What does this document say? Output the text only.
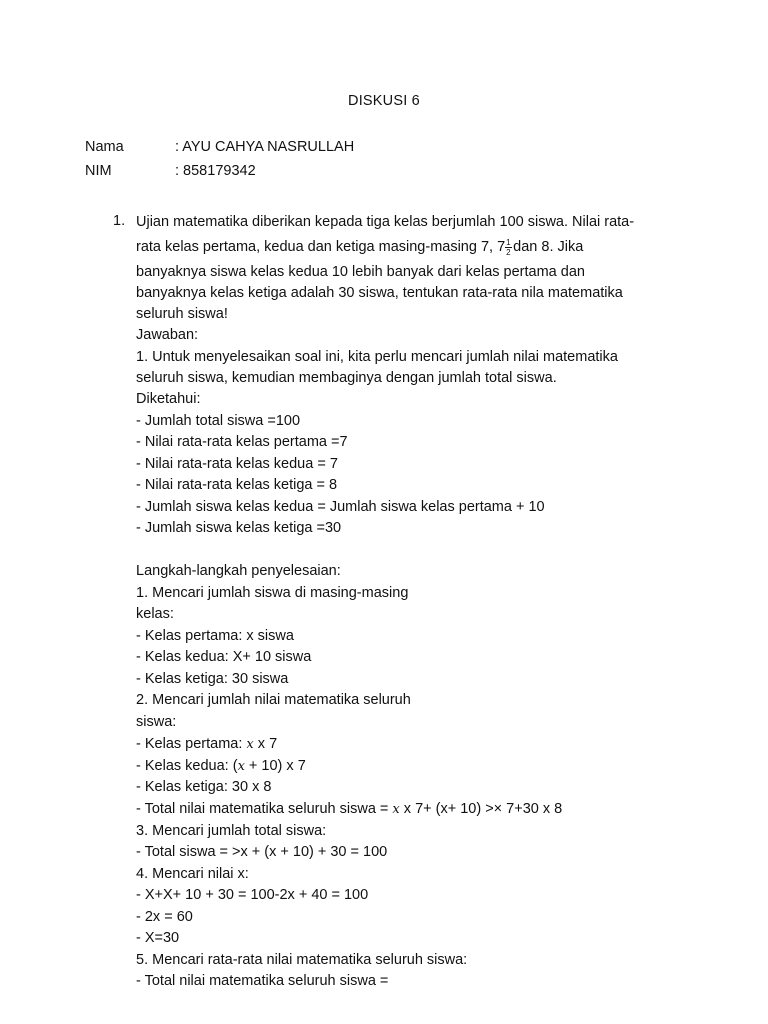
DISKUSI 6
Nama	: AYU CAHYA NASRULLAH
NIM	: 858179342
1. Ujian matematika diberikan kepada tiga kelas berjumlah 100 siswa. Nilai rata-
rata kelas pertama, kedua dan ketiga masing-masing 7, $7 \frac{1}{2}$ dan 8. Jika
banyaknya siswa kelas kedua 10 lebih banyak dari kelas pertama dan
banyaknya kelas ketiga adalah 30 siswa, tentukan rata-rata nila matematika
seluruh siswa!
Jawaban:
1. Untuk menyelesaikan soal ini, kita perlu mencari jumlah nilai matematika
seluruh siswa, kemudian membaginya dengan jumlah total siswa.
Diketahui:
- Jumlah total siswa =100
- Nilai rata-rata kelas pertama =7
- Nilai rata-rata kelas kedua = 7
- Nilai rata-rata kelas ketiga = 8
- Jumlah siswa kelas kedua = Jumlah siswa kelas pertama + 10
- Jumlah siswa kelas ketiga =30
Langkah-langkah penyelesaian:
1. Mencari jumlah siswa di masing-masing
kelas:
- Kelas pertama: x siswa
- Kelas kedua: X+ 10 siswa
- Kelas ketiga: 30 siswa
2. Mencari jumlah nilai matematika seluruh
siswa:
- Kelas pertama: x x 7
- Kelas kedua: (x + 10) x 7
- Kelas ketiga: 30 x 8
- Total nilai matematika seluruh siswa = x x 7+ (x+ 10) >× 7+30 x 8
3. Mencari jumlah total siswa:
- Total siswa = >x + (x + 10) + 30 = 100
4. Mencari nilai x:
- X+X+ 10 + 30 = 100-2x + 40 = 100
- 2x = 60
- X=30
5. Mencari rata-rata nilai matematika seluruh siswa:
- Total nilai matematika seluruh siswa =
